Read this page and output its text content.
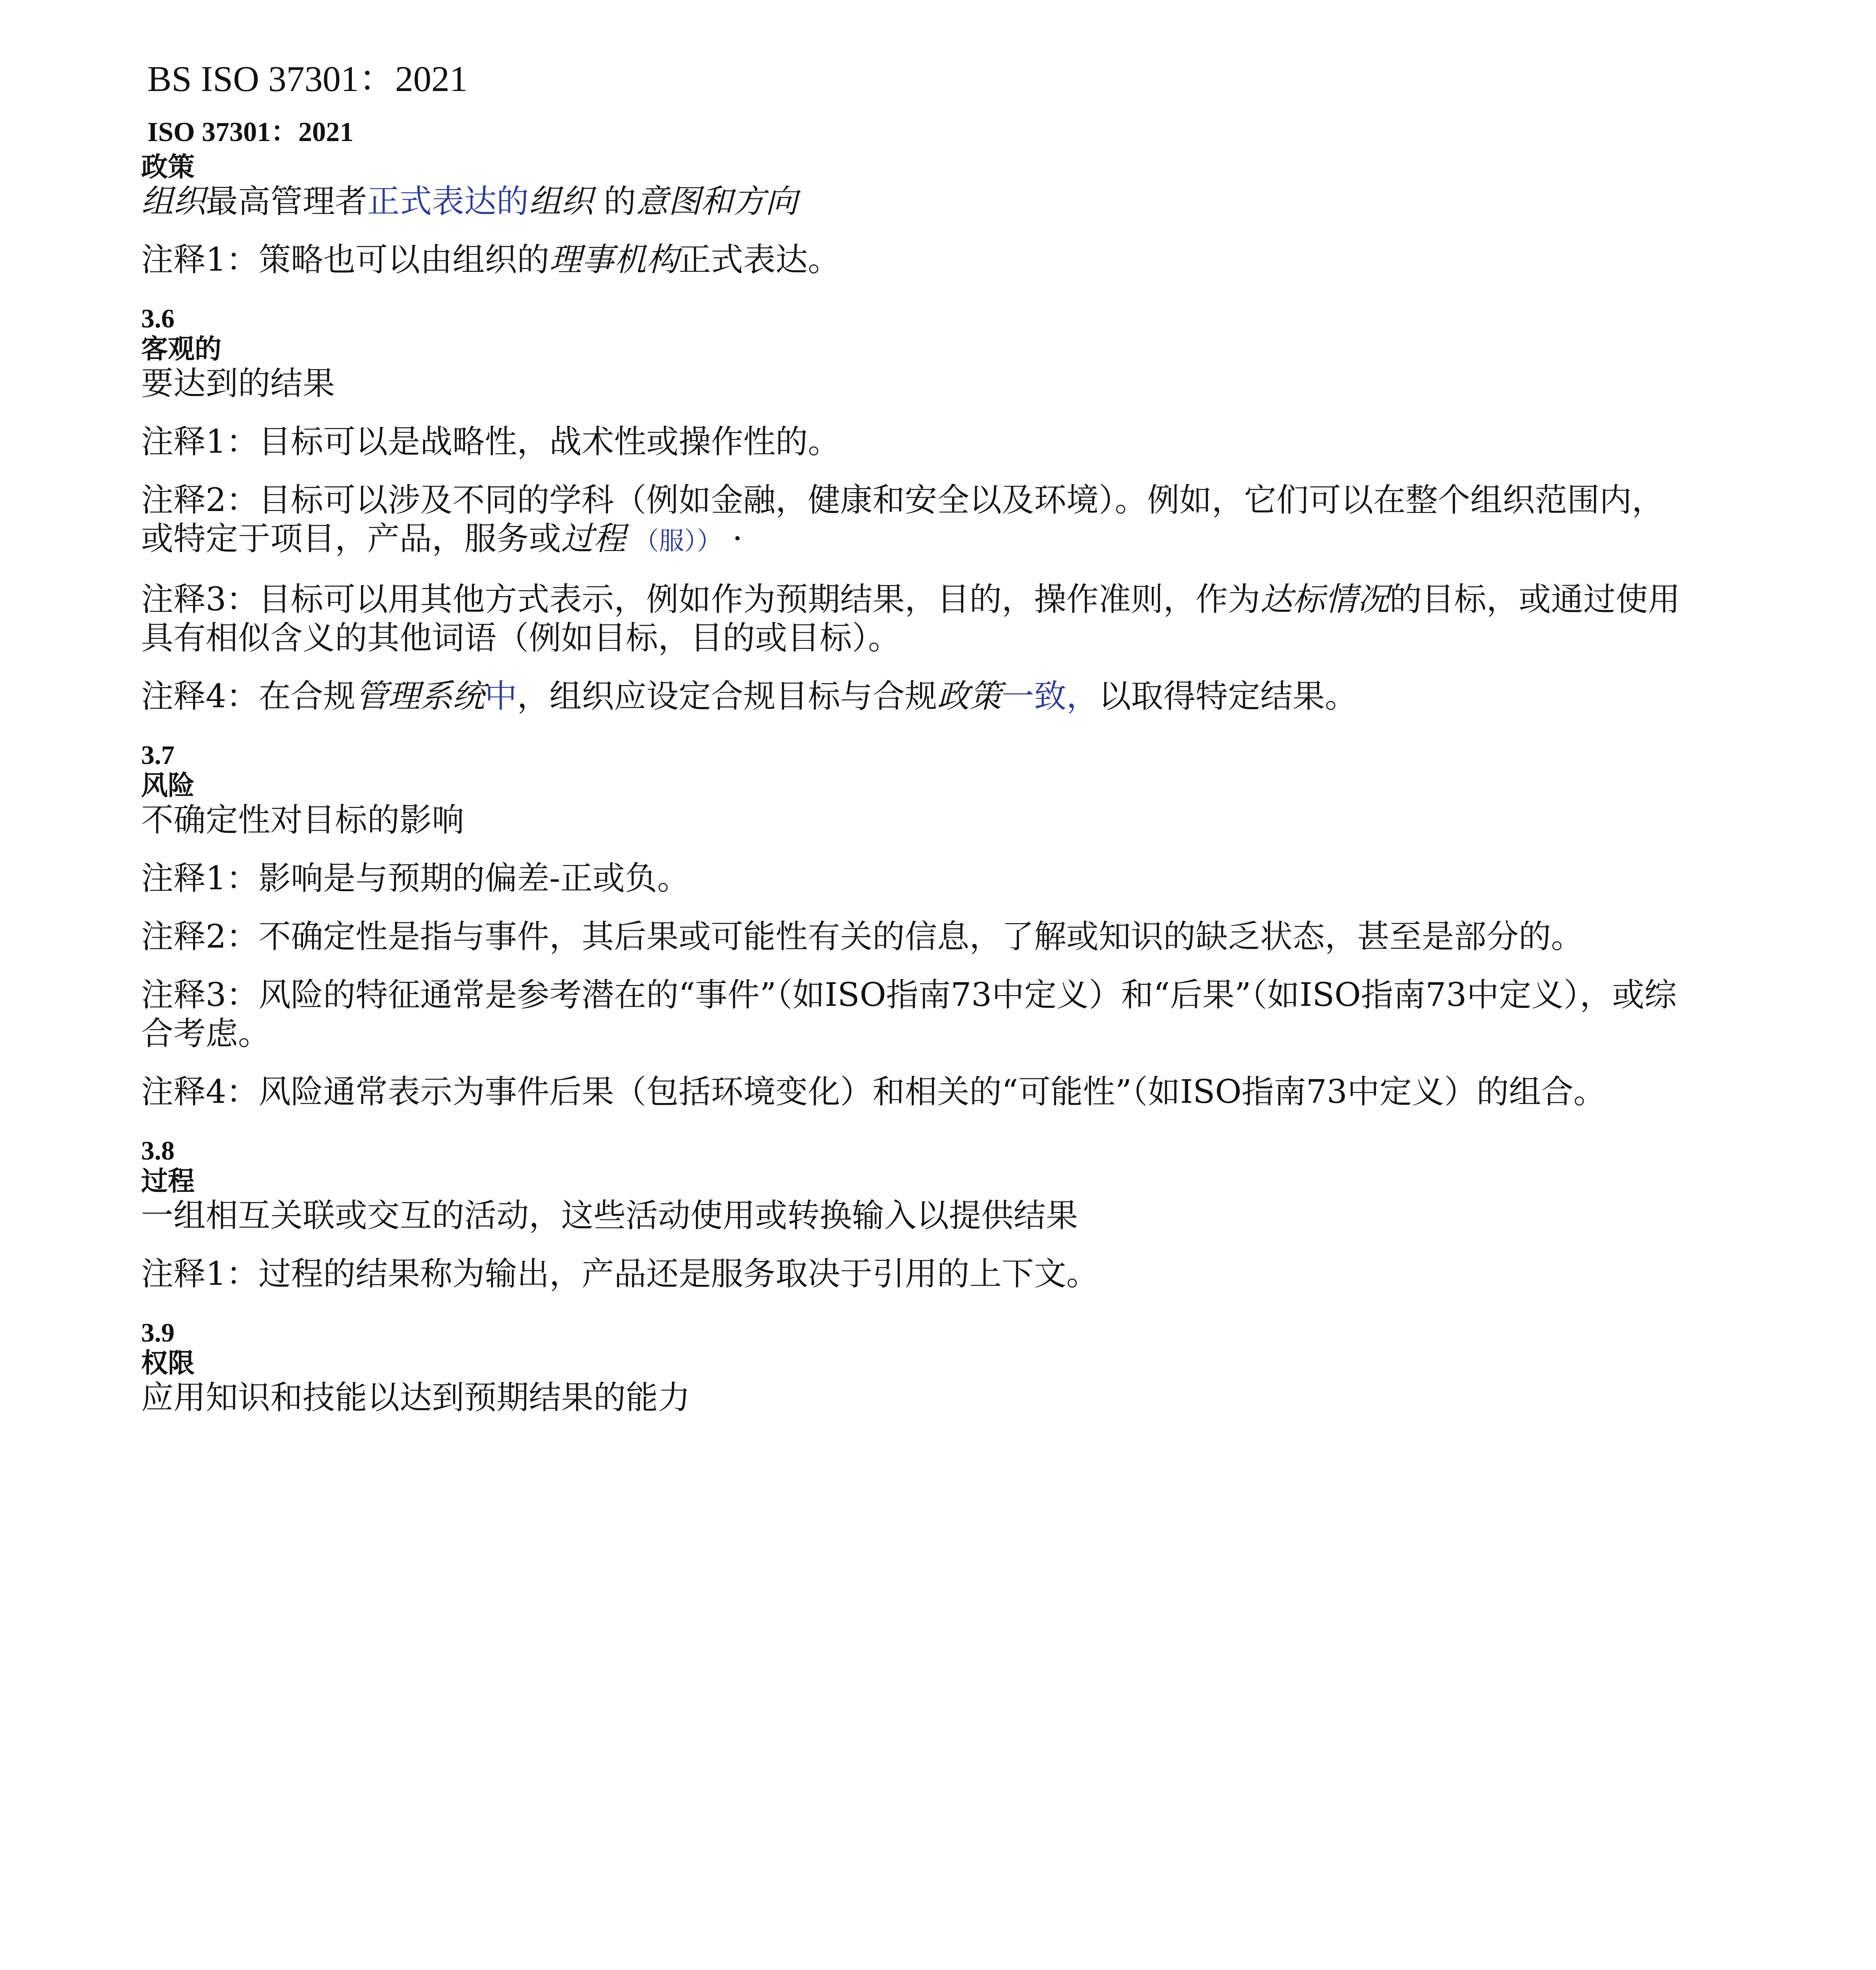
BS ISO 37301：2021
ISO 37301：2021

政策

组织最高管理者正式表达的组织 的意图和方向

注释1：策略也可以由组织的理事机构正式表达。

3.6

客观的

要达到的结果

注释1：目标可以是战略性，战术性或操作性的。

注释2：目标可以涉及不同的学科（例如金融，健康和安全以及环境）。例如，它们可以在整个组织范围内，或特定于项目，产品，服务或过程 （服）） ·

注释3：目标可以用其他方式表示，例如作为预期结果，目的，操作准则，作为达标情况的目标，或通过使用具有相似含义的其他词语（例如目标，目的或目标）。

注释4：在合规管理系统中，组织应设定合规目标与合规政策一致，以取得特定结果。

3.7

风险

不确定性对目标的影响

注释1：影响是与预期的偏差-正或负。

注释2：不确定性是指与事件，其后果或可能性有关的信息，了解或知识的缺乏状态，甚至是部分的。

注释3：风险的特征通常是参考潜在的“事件”（如ISO指南73中定义）和“后果”（如ISO指南73中定义），或综合考虑。

注释4：风险通常表示为事件后果（包括环境变化）和相关的“可能性”（如ISO指南73中定义）的组合。

3.8

过程

一组相互关联或交互的活动，这些活动使用或转换输入以提供结果

注释1：过程的结果称为输出，产品还是服务取决于引用的上下文。

3.9

权限

应用知识和技能以达到预期结果的能力
